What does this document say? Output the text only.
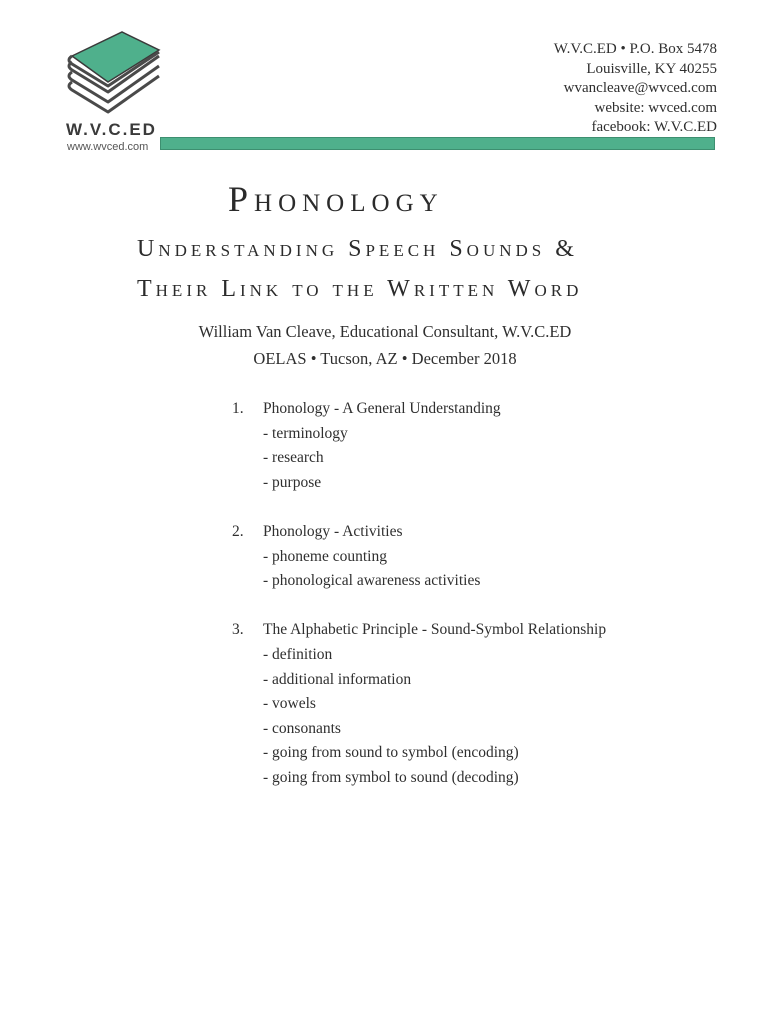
W.V.C.ED
www.wvced.com
W.V.C.ED • P.O. Box 5478
Louisville, KY 40255
wvancleave@wvced.com
website: wvced.com
facebook: W.V.C.ED
Phonology
Understanding Speech Sounds &
Their Link to the Written Word
William Van Cleave, Educational Consultant, W.V.C.ED
OELAS • Tucson, AZ • December 2018
1.	Phonology - A General Understanding
- terminology
- research
- purpose
2.	Phonology - Activities
- phoneme counting
- phonological awareness activities
3.	The Alphabetic Principle - Sound-Symbol Relationship
- definition
- additional information
- vowels
- consonants
- going from sound to symbol (encoding)
- going from symbol to sound (decoding)
